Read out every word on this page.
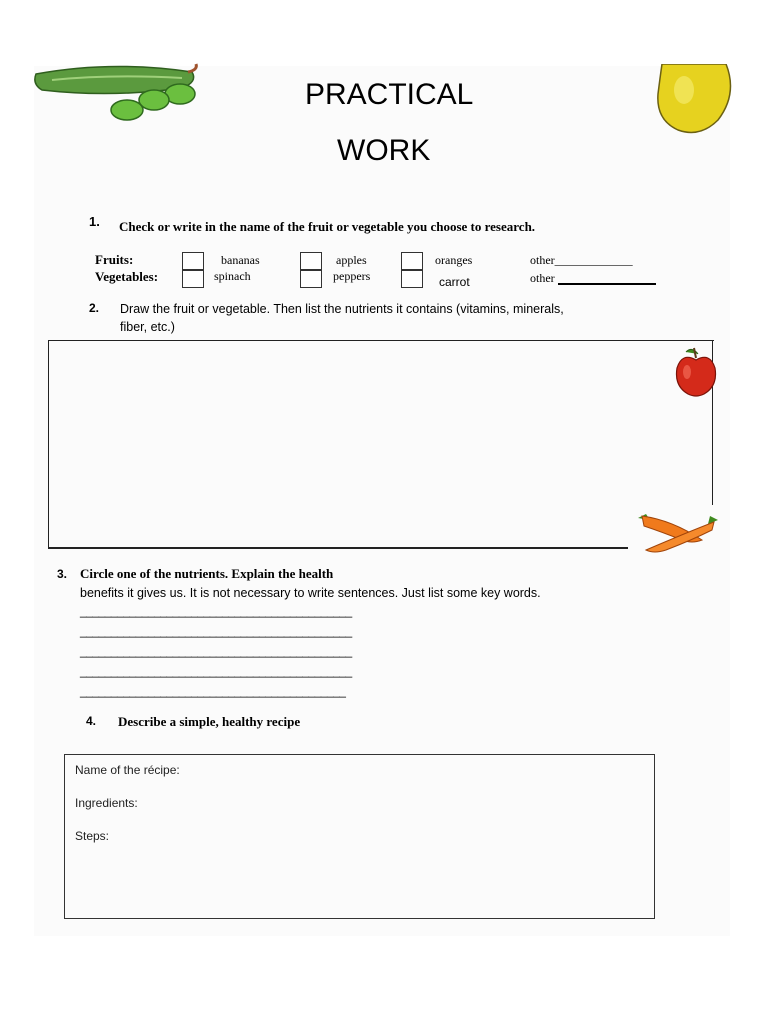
PRACTICAL
WORK
1. Check or write in the name of the fruit or vegetable you choose to research.
Fruits:
Vegetables:
bananas
spinach
apples
peppers
oranges
carrot
other_____________
other
2. Draw the fruit or vegetable. Then list the nutrients it contains (vitamins, minerals,
fiber, etc.)
3. Circle one of the nutrients. Explain the health
benefits it gives us. It is not necessary to write sentences. Just list some key words.
____________________________________________
____________________________________________
____________________________________________
____________________________________________
___________________________________________
4. Describe a simple, healthy recipe
Name of the récipe:
Ingredients:
Steps:
